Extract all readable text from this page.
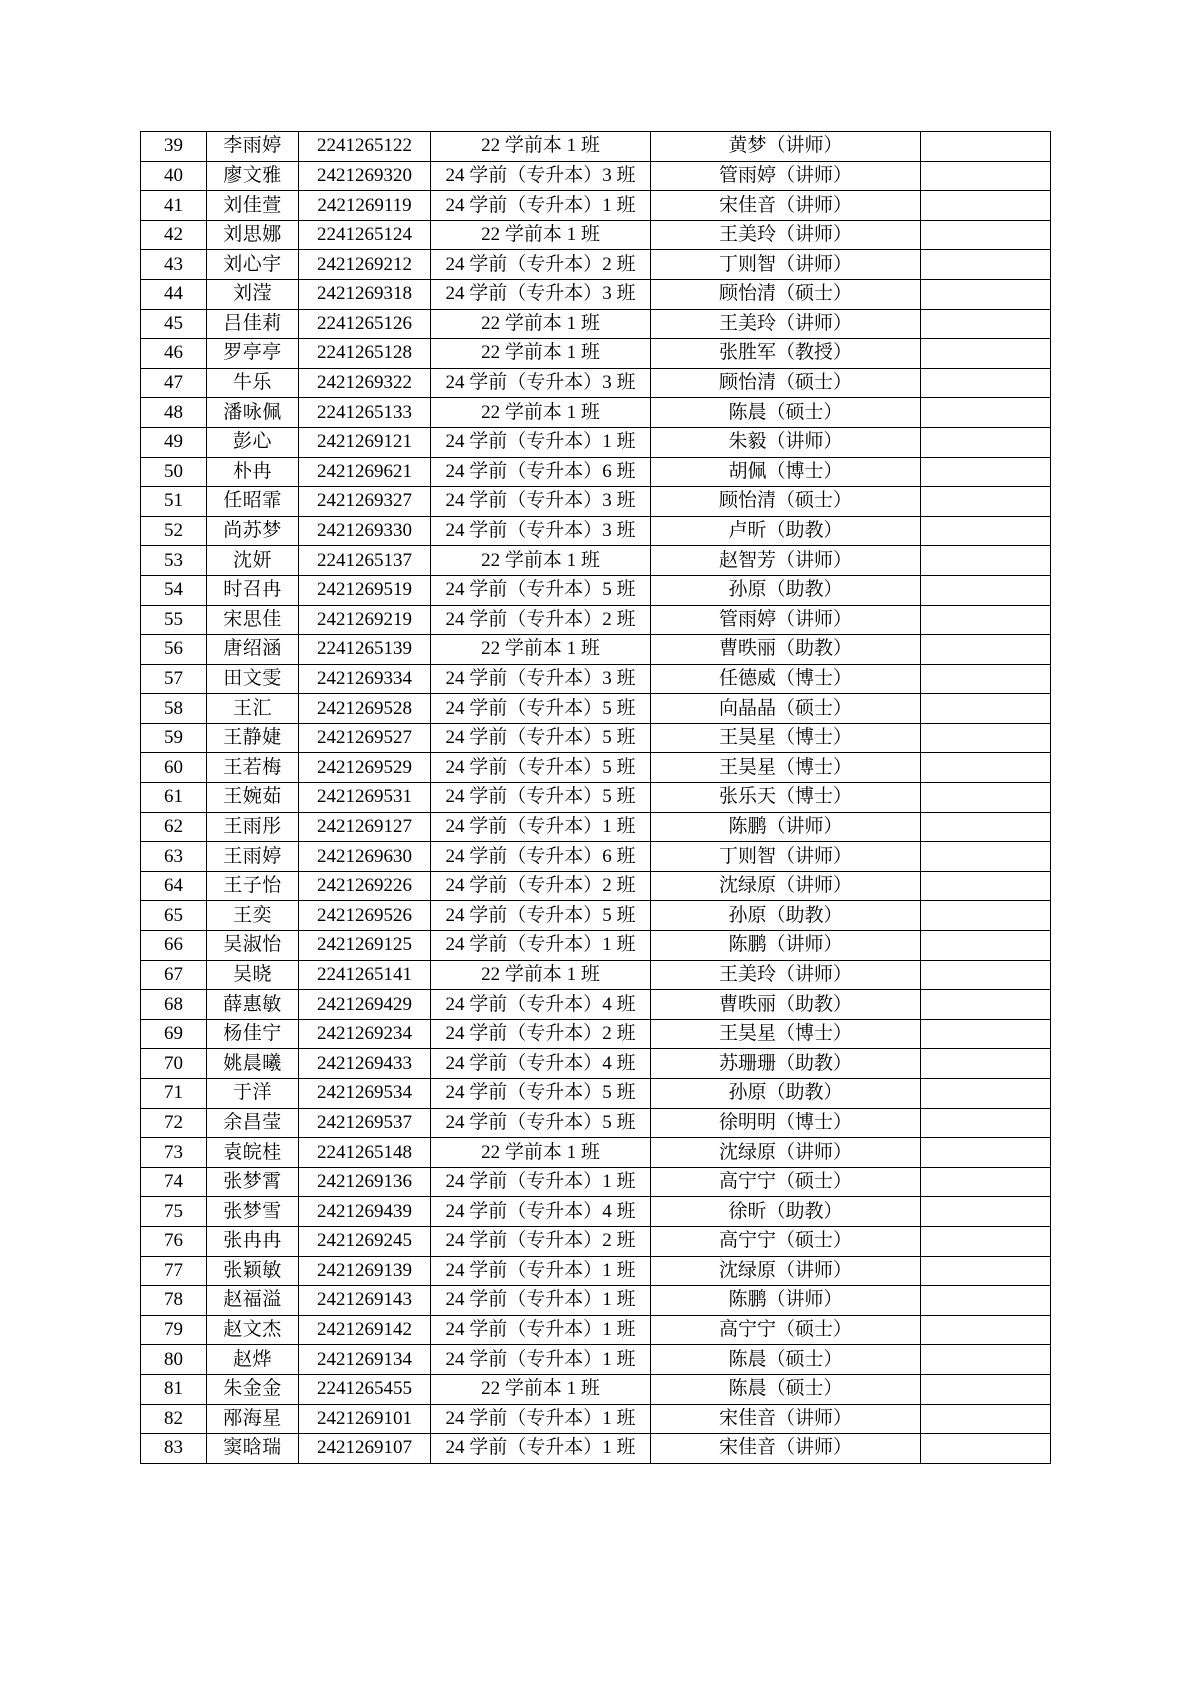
39	李雨婷	2241265122	22 学前本 1 班	黄梦（讲师）	
40	廖文雅	2421269320	24 学前（专升本）3 班	管雨婷（讲师）	
41	刘佳萱	2421269119	24 学前（专升本）1 班	宋佳音（讲师）	
42	刘思娜	2241265124	22 学前本 1 班	王美玲（讲师）	
43	刘心宇	2421269212	24 学前（专升本）2 班	丁则智（讲师）	
44	刘滢	2421269318	24 学前（专升本）3 班	顾怡清（硕士）	
45	吕佳莉	2241265126	22 学前本 1 班	王美玲（讲师）	
46	罗亭亭	2241265128	22 学前本 1 班	张胜军（教授）	
47	牛乐	2421269322	24 学前（专升本）3 班	顾怡清（硕士）	
48	潘咏佩	2241265133	22 学前本 1 班	陈晨（硕士）	
49	彭心	2421269121	24 学前（专升本）1 班	朱毅（讲师）	
50	朴冉	2421269621	24 学前（专升本）6 班	胡佩（博士）	
51	任昭霏	2421269327	24 学前（专升本）3 班	顾怡清（硕士）	
52	尚苏梦	2421269330	24 学前（专升本）3 班	卢昕（助教）	
53	沈妍	2241265137	22 学前本 1 班	赵智芳（讲师）	
54	时召冉	2421269519	24 学前（专升本）5 班	孙原（助教）	
55	宋思佳	2421269219	24 学前（专升本）2 班	管雨婷（讲师）	
56	唐绍涵	2241265139	22 学前本 1 班	曹昳丽（助教）	
57	田文雯	2421269334	24 学前（专升本）3 班	任德威（博士）	
58	王汇	2421269528	24 学前（专升本）5 班	向晶晶（硕士）	
59	王静婕	2421269527	24 学前（专升本）5 班	王昊星（博士）	
60	王若梅	2421269529	24 学前（专升本）5 班	王昊星（博士）	
61	王婉茹	2421269531	24 学前（专升本）5 班	张乐天（博士）	
62	王雨彤	2421269127	24 学前（专升本）1 班	陈鹏（讲师）	
63	王雨婷	2421269630	24 学前（专升本）6 班	丁则智（讲师）	
64	王子怡	2421269226	24 学前（专升本）2 班	沈绿原（讲师）	
65	王奕	2421269526	24 学前（专升本）5 班	孙原（助教）	
66	吴淑怡	2421269125	24 学前（专升本）1 班	陈鹏（讲师）	
67	吴晓	2241265141	22 学前本 1 班	王美玲（讲师）	
68	薛惠敏	2421269429	24 学前（专升本）4 班	曹昳丽（助教）	
69	杨佳宁	2421269234	24 学前（专升本）2 班	王昊星（博士）	
70	姚晨曦	2421269433	24 学前（专升本）4 班	苏珊珊（助教）	
71	于洋	2421269534	24 学前（专升本）5 班	孙原（助教）	
72	余昌莹	2421269537	24 学前（专升本）5 班	徐明明（博士）	
73	袁皖桂	2241265148	22 学前本 1 班	沈绿原（讲师）	
74	张梦霄	2421269136	24 学前（专升本）1 班	高宁宁（硕士）	
75	张梦雪	2421269439	24 学前（专升本）4 班	徐昕（助教）	
76	张冉冉	2421269245	24 学前（专升本）2 班	高宁宁（硕士）	
77	张颖敏	2421269139	24 学前（专升本）1 班	沈绿原（讲师）	
78	赵福溢	2421269143	24 学前（专升本）1 班	陈鹏（讲师）	
79	赵文杰	2421269142	24 学前（专升本）1 班	高宁宁（硕士）	
80	赵烨	2421269134	24 学前（专升本）1 班	陈晨（硕士）	
81	朱金金	2241265455	22 学前本 1 班	陈晨（硕士）	
82	邴海星	2421269101	24 学前（专升本）1 班	宋佳音（讲师）	
83	窦晗瑞	2421269107	24 学前（专升本）1 班	宋佳音（讲师）	
